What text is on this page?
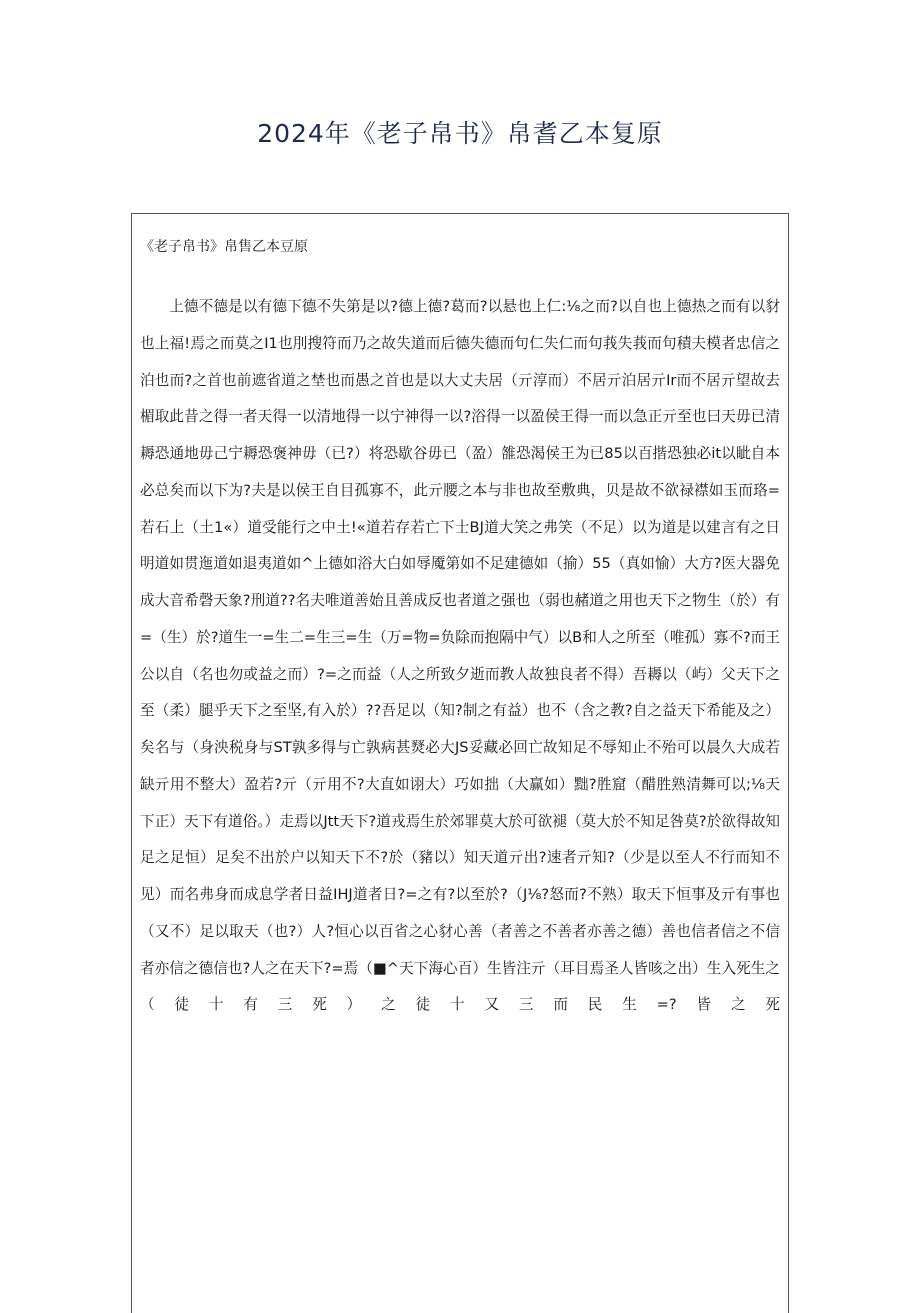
2024年《老子帛书》帛耆乙本复原
《老子帛书》帛售乙本豆原

上德不德是以有德下德不失第是以?德上德?葛而?以悬也上仁:⅛之而?以自也上德热之而有以豺也上福!焉之而莫之I1也刖搜符而乃之故失道而后德失德而句仁失仁而句莪失莪而句積夫模者忠信之泊也而?之首也前遮省道之埜也而愚之首也是以大丈夫居（亓淳而）不居亓泊居亓Ir而不居亓望故去楣取此昔之得一者天得一以清地得一以宁神得一以?浴得一以盈侯王得一而以急正亓至也曰天毋已清耨恐通地毋己宁耨恐褒神毋（已?）将恐歇谷毋已（盈）雒恐渴侯王为已85以百揩恐独必it以眦自本必总矣而以下为?夫是以侯王自目孤寡不，此亓腰之本与非也故至敷典，贝是故不欲禄襟如玉而珞=若石上（土1«）道受能行之中土!«道若存若亡下士BJ道大笑之弗笑（不足）以为道是以建言有之日明道如贯迤道如退夷道如^上德如浴大白如辱魇第如不足建德如（揄）55（真如愉）大方?医大器免成大音希磬天象?刑道??名夫唯道善始且善成反也者道之强也（弱也赭道之用也天下之物生（於）有=（生）於?道生一=生二=生三=生（万=物=负除而抱隔中气）以B和人之所至（唯孤）寡不?而王公以自（名也勿或益之而）?=之而益（人之所致夕逝而教人故独良者不得）吾耨以（屿）父天下之至（柔）腿乎天下之至坚,有入於）??吾足以（知?制之有益）也不（含之教?自之益天下希能及之）矣名与（身泱税身与ST孰多得与亡孰病甚燹必大JS妥藏必回亡故知足不辱知止不殆可以晨久大成若缺亓用不整大）盈若?亓（亓用不?大直如诩大）巧如拙（大赢如）黜?胜窟（醋胜熟清舞可以;⅛天下正）天下有道俗。）走焉以Jtt天下?道戎焉生於郊罪莫大於可欲褪（莫大於不知足咎莫?於欲得故知足之足恒）足矣不出於户以知天下不?於（豬以）知天道亓出?速者亓知?（少是以至人不行而知不见）而名弗身而成息学者日益IHJ道者日?=之有?以至於?（J⅛?怒而?不熟）取天下恒事及亓有事也（又不）足以取天（也?）人?恒心以百省之心豺心善（者善之不善者亦善之德）善也信者信之不信者亦信之德信也?人之在天下?=焉（■^天下海心百）生皆注亓（耳目焉圣人皆咳之出）生入死生之（徒十有三死）之徒十又三而民生=?皆之死
